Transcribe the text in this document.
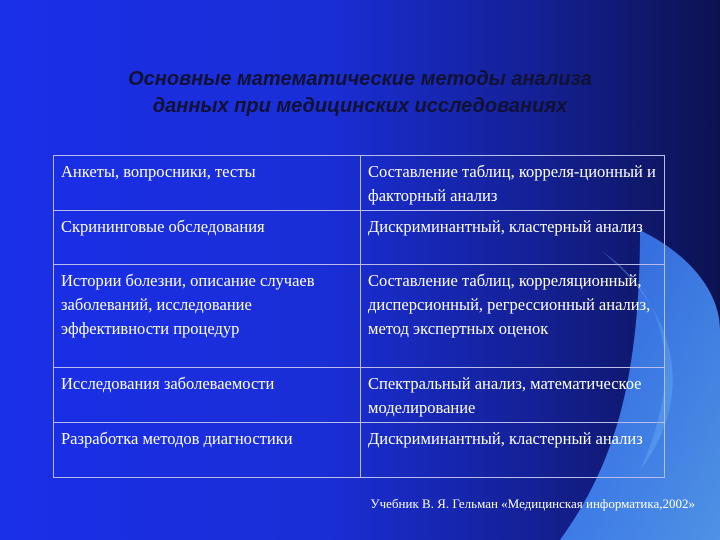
Основные математические методы анализа
данных при медицинских исследованиях
Анкеты, вопросники, тесты	Составление таблиц, корреля-ционный и факторный анализ
Скрининговые обследования	Дискриминантный, кластерный анализ
Истории болезни, описание случаев заболеваний, исследование эффективности процедур	Составление таблиц, корреляционный, дисперсионный, регрессионный анализ, метод экспертных оценок
Исследования заболеваемости	Спектральный анализ, математическое моделирование
Разработка методов диагностики	Дискриминантный, кластерный анализ
Учебник В. Я. Гельман «Медицинская информатика,2002»
